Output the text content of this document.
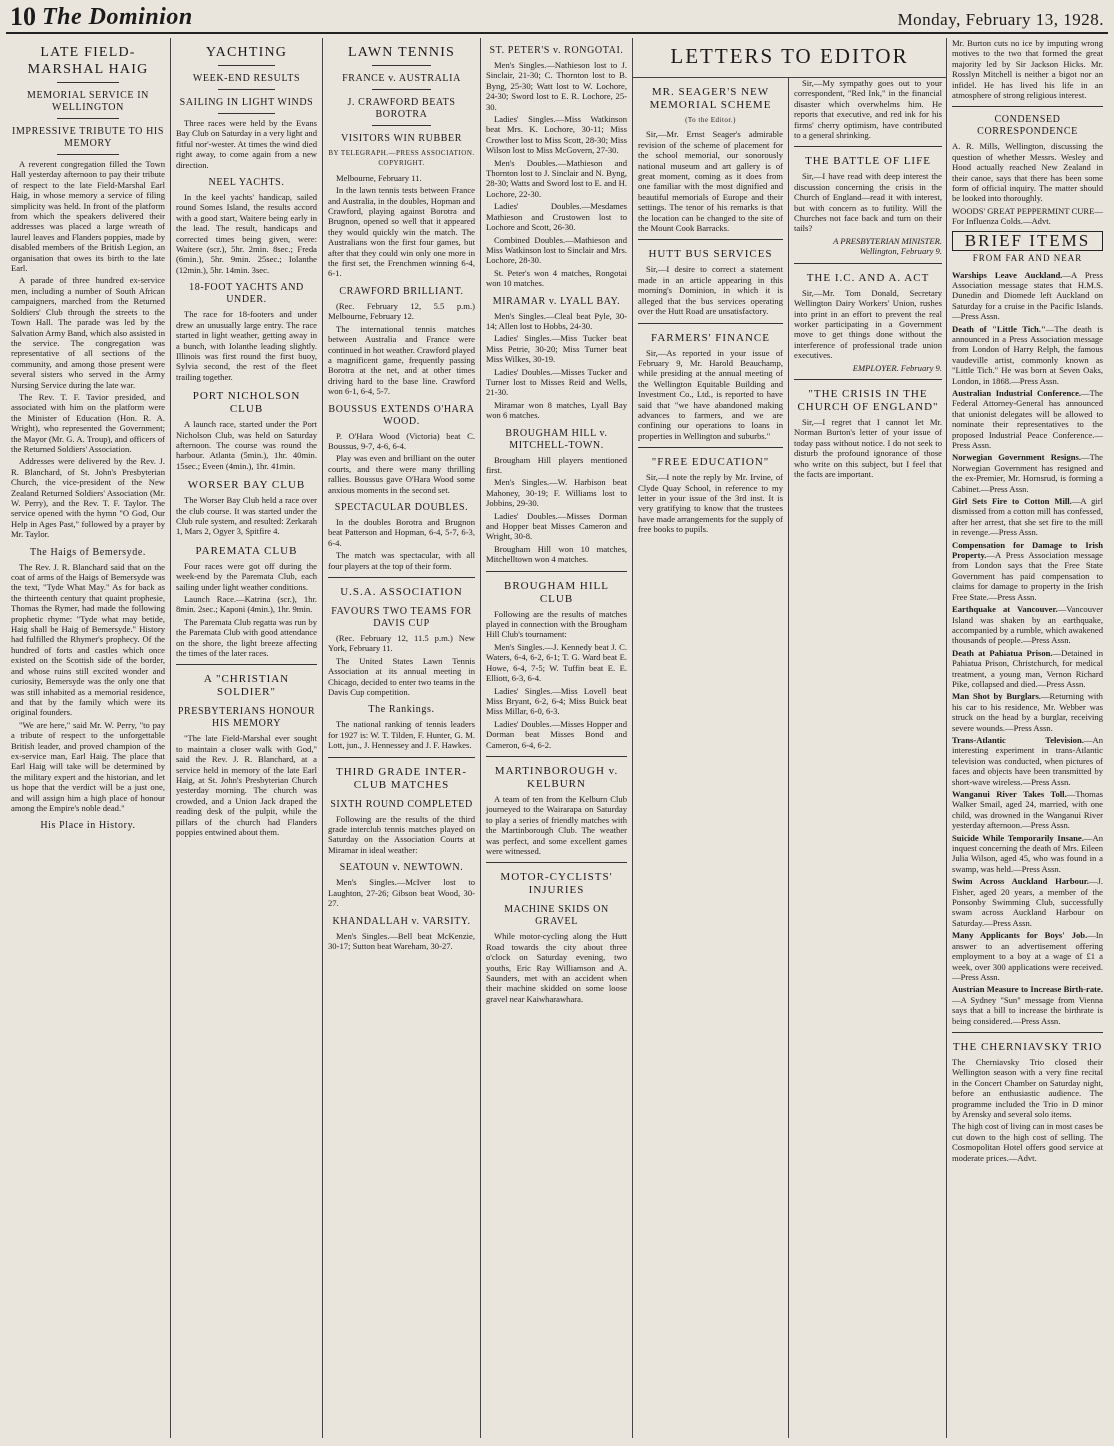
10 The Dominion	Monday, February 13, 1928.
LATE FIELD-MARSHAL HAIG
MEMORIAL SERVICE IN WELLINGTON
IMPRESSIVE TRIBUTE TO HIS MEMORY

A reverent congregation filled the Town Hall yesterday afternoon to pay their tribute of respect to the late Field-Marshal Earl Haig, in whose memory a service of filing simplicity was held. In front of the platform from which the speakers delivered their addresses was placed a large wreath of laurel leaves and Flanders poppies, made by disabled members of the British Legion, an organisation that owes its birth to the late Earl.

A parade of three hundred ex-service men, including a number of South African campaigners, marched from the Returned Soldiers' Club through the streets to the Town Hall. The parade was led by the Salvation Army Band, which also assisted in the service. The congregation was representative of all sections of the community, and among those present were several sisters who served in the Army Nursing Service during the late war.

The Rev. T. F. Tavior presided, and associated with him on the platform were the Minister of Education (Hon. R. A. Wright), who represented the Government; the Mayor (Mr. G. A. Troup), and officers of the Returned Soldiers' Association.

Addresses were delivered by the Rev. J. R. Blanchard, of St. John's Presbyterian Church, the vice-president of the New Zealand Returned Soldiers' Association (Mr. W. Perry), and the Rev. T. F. Taylor. The service opened with the hymn "O God, Our Help in Ages Past," followed by a prayer by Mr. Taylor.

The Haigs of Bemersyde.

The Rev. J. R. Blanchard said that on the coat of arms of the Haigs of Bemersyde was the text, "Tyde What May." As for back as the thirteenth century that quaint prophesie, Thomas the Rymer, had made the following prophetic rhyme: "Tyde what may betide, Haig shall be Haig of Bemersyde." History had fulfilled the Rhymer's prophecy. Of the hundred of forts and castles which once existed on the Scottish side of the border, and whose ruins still excited wonder and curiosity, Bemersyde was the only one that was still inhabited as a memorial residence, and that by the family which were its original founders.

"We are here," said Mr. W. Perry, "to pay a tribute of respect to the unforgettable British leader, and proved champion of the ex-service man, Earl Haig. The place that Earl Haig will take will be determined by the military expert and the historian, and let us hope that the verdict will be a just one, and will assign him a high place of honour among the Empire's noble dead."

His Place in History.
YACHTING
WEEK-END RESULTS
SAILING IN LIGHT WINDS

Three races were held by the Evans Bay Club on Saturday in a very light and fitful nor'-wester. At times the wind died right away, to come again from a new direction.

NEEL YACHTS.

In the keel yachts' handicap, sailed round Somes Island, the results accord with a good start, Waitere being early in the lead. The result, handicaps and corrected times being given, were: Waitere (scr.), 5hr. 2min. 8sec.; Freda (6min.), 5hr. 9min. 25sec.; Iolanthe (12min.), 5hr. 14min. 3sec.

18-FOOT YACHTS AND UNDER.

The race for 18-footers and under drew an unusually large entry. The race started in light weather, getting away in a bunch, with Iolanthe leading slightly. Illinois was first round the first buoy, Sylvia second, the rest of the fleet trailing together.

PORT NICHOLSON CLUB

A launch race, started under the Port Nicholson Club, was held on Saturday afternoon. The course was round the harbour. Atlanta (5min.), 1hr. 40min. 15sec.; Eveen (4min.), 1hr. 41min.

WORSER BAY CLUB

The Worser Bay Club held a race over the club course. It was started under the Club rule system, and resulted: Zerkarah 1, Mars 2, Ogyer 3, Spitfire 4.

PAREMATA CLUB

Four races were got off during the week-end by the Paremata Club, each sailing under light weather conditions.

Launch Race.—Katrina (scr.), 1hr. 8min. 2sec.; Kaponi (4min.), 1hr. 9min.

The Paremata Club regatta was run by the Paremata Club with good attendance on the shore, the light breeze affecting the times of the later races.

A "CHRISTIAN SOLDIER"
PRESBYTERIANS HONOUR HIS MEMORY

"The late Field-Marshal ever sought to maintain a closer walk with God," said the Rev. J. R. Blanchard, at a service held in memory of the late Earl Haig, at St. John's Presbyterian Church yesterday morning. The church was crowded, and a Union Jack draped the reading desk of the pulpit, while the pillars of the church had Flanders poppies entwined about them.

LAWN TENNIS
FRANCE v. AUSTRALIA
J. CRAWFORD BEATS BOROTRA
VISITORS WIN RUBBER
BY TELEGRAPH.—PRESS ASSOCIATION. COPYRIGHT.

Melbourne, February 11.

In the lawn tennis tests between France and Australia, in the doubles, Hopman and Crawford, playing against Borotra and Brugnon, opened so well that it appeared they would quickly win the match. The Australians won the first four games, but after that they could win only one more in the first set, the Frenchmen winning 6-4, 6-1.

CRAWFORD BRILLIANT.

(Rec. February 12, 5.5 p.m.) Melbourne, February 12.

The international tennis matches between Australia and France were continued in hot weather. Crawford played a magnificent game, frequently passing Borotra at the net, and at other times driving hard to the base line. Crawford won 6-1, 6-4, 5-7.

BOUSSUS EXTENDS O'HARA WOOD.

P. O'Hara Wood (Victoria) beat C. Boussus, 9-7, 4-6, 6-4.

Play was even and brilliant on the outer courts, and there were many thrilling rallies. Boussus gave O'Hara Wood some anxious moments in the second set.

SPECTACULAR DOUBLES.

In the doubles Borotra and Brugnon beat Patterson and Hopman, 6-4, 5-7, 6-3, 6-4.

The match was spectacular, with all four players at the top of their form.

U.S.A. ASSOCIATION
FAVOURS TWO TEAMS FOR DAVIS CUP

(Rec. February 12, 11.5 p.m.) New York, February 11.

The United States Lawn Tennis Association at its annual meeting in Chicago, decided to enter two teams in the Davis Cup competition.

The Rankings.

The national ranking of tennis leaders for 1927 is: W. T. Tilden, F. Hunter, G. M. Lott, jun., J. Hennessey and J. F. Hawkes.

THIRD GRADE INTER-CLUB MATCHES
SIXTH ROUND COMPLETED

Following are the results of the third grade interclub tennis matches played on Saturday on the Association Courts at Miramar in ideal weather:

SEATOUN v. NEWTOWN.

Men's Singles.—McIver lost to Laughton, 27-26; Gibson beat Wood, 30-27.

KHANDALLAH v. VARSITY.

Men's Singles.—Bell beat McKenzie, 30-17; Sutton beat Wareham, 30-27.

ST. PETER'S v. RONGOTAI.

Men's Singles.—Nathieson lost to J. Sinclair, 21-30; C. Thornton lost to B. Byng, 25-30; Watt lost to W. Lochore, 24-30; Sword lost to E. R. Lochore, 25-30.

Ladies' Singles.—Miss Watkinson beat Mrs. K. Lochore, 30-11; Miss Crowther lost to Miss Scott, 28-30; Miss Wilson lost to Miss McGovern, 27-30.

Men's Doubles.—Mathieson and Thornton lost to J. Sinclair and N. Byng, 28-30; Watts and Sword lost to E. and H. Lochore, 22-30.

Ladies' Doubles.—Mesdames Mathieson and Crustowen lost to Lochore and Scott, 26-30.

Combined Doubles.—Mathieson and Miss Watkinson lost to Sinclair and Mrs. Lochore, 28-30.

St. Peter's won 4 matches, Rongotai won 10 matches.

MIRAMAR v. LYALL BAY.

Men's Singles.—Cleal beat Pyle, 30-14; Allen lost to Hobbs, 24-30.

Ladies' Singles.—Miss Tucker beat Miss Petrie, 30-20; Miss Turner beat Miss Wilkes, 30-19.

Ladies' Doubles.—Misses Tucker and Turner lost to Misses Reid and Wells, 21-30.

Miramar won 8 matches, Lyall Bay won 6 matches.

BROUGHAM HILL v. MITCHELL-TOWN.

Brougham Hill players mentioned first.

Men's Singles.—W. Harbison beat Mahoney, 30-19; F. Williams lost to Jobbins, 29-30.

Ladies' Doubles.—Misses Dorman and Hopper beat Misses Cameron and Wright, 30-8.

Brougham Hill won 10 matches, Mitchelltown won 4 matches.

BROUGHAM HILL CLUB

Following are the results of matches played in connection with the Brougham Hill Club's tournament:

Men's Singles.—J. Kennedy beat J. C. Waters, 6-4, 6-2, 6-1; T. G. Ward beat E. Howe, 6-4, 7-5; W. Tuffin beat E. E. Elliott, 6-3, 6-4.

Ladies' Singles.—Miss Lovell beat Miss Bryant, 6-2, 6-4; Miss Buick beat Miss Millar, 6-0, 6-3.

Ladies' Doubles.—Misses Hopper and Dorman beat Misses Bond and Cameron, 6-4, 6-2.

MARTINBOROUGH v. KELBURN

A team of ten from the Kelburn Club journeyed to the Wairarapa on Saturday to play a series of friendly matches with the Martinborough Club. The weather was perfect, and some excellent games were witnessed.

MOTOR-CYCLISTS' INJURIES
MACHINE SKIDS ON GRAVEL

While motor-cycling along the Hutt Road towards the city about three o'clock on Saturday evening, two youths, Eric Ray Williamson and A. Saunders, met with an accident when their machine skidded on some loose gravel near Kaiwharawhara.

LETTERS TO EDITOR
MR. SEAGER'S NEW MEMORIAL SCHEME
(To the Editor.)

Sir,—Mr. Ernst Seager's admirable revision of the scheme of placement for the school memorial, our sonorously national museum and art gallery is of great moment, coming as it does from one familiar with the most dignified and beautiful memorials of Europe and their settings. The tenor of his remarks is that the location can be changed to the site of the Mount Cook Barracks.

HUTT BUS SERVICES

Sir,—I desire to correct a statement made in an article appearing in this morning's Dominion, in which it is alleged that the bus services operating over the Hutt Road are unsatisfactory.

FARMERS' FINANCE

Sir,—As reported in your issue of February 9, Mr. Harold Beauchamp, while presiding at the annual meeting of the Wellington Equitable Building and Investment Co., Ltd., is reported to have said that "we have abandoned making advances to farmers, and we are confining our operations to loans in properties in Wellington and suburbs."

"FREE EDUCATION"

Sir,—I note the reply by Mr. Irvine, of Clyde Quay School, in reference to my letter in your issue of the 3rd inst. It is very gratifying to know that the trustees have made arrangements for the supply of free books to pupils.

Sir,—My sympathy goes out to your correspondent, "Red Ink," in the financial disaster which overwhelms him. He reports that executive, and red ink for his firms' cherry optimism, have contributed to a general shrinking.

THE BATTLE OF LIFE

Sir,—I have read with deep interest the discussion concerning the crisis in the Church of England—read it with interest, but with concern as to futility. Will the Churches not face back and turn on their tails?

A PRESBYTERIAN MINISTER. Wellington, February 9.

THE I.C. AND A. ACT

Sir,—Mr. Tom Donald, Secretary Wellington Dairy Workers' Union, rushes into print in an effort to prevent the real worker participating in a Government move to get things done without the interference of professional trade union executives.

EMPLOYER. February 9.

"THE CRISIS IN THE CHURCH OF ENGLAND"

Sir,—I regret that I cannot let Mr. Norman Burton's letter of your issue of today pass without notice. I do not seek to disturb the profound ignorance of those who write on this subject, but I feel that the facts are important.

Mr. Burton cuts no ice by imputing wrong motives to the two that formed the great majority led by Sir Jackson Hicks. Mr. Rosslyn Mitchell is neither a bigot nor an infidel. He has lived his life in an atmosphere of strong religious interest.

CONDENSED CORRESPONDENCE

A. R. Mills, Wellington, discussing the question of whether Messrs. Wesley and Hood actually reached New Zealand in their canoe, says that there has been some form of official inquiry. The matter should be looked into thoroughly.

WOODS' GREAT PEPPERMINT CURE—For Influenza Colds.—Advt.

BRIEF ITEMS
FROM FAR AND NEAR

Warships Leave Auckland.—A Press Association message states that H.M.S. Dunedin and Diomede left Auckland on Saturday for a cruise in the Pacific Islands.—Press Assn.

Death of "Little Tich."—The death is announced in a Press Association message from London of Harry Relph, the famous vaudeville artist, commonly known as "Little Tich." He was born at Seven Oaks, London, in 1868.—Press Assn.

Australian Industrial Conference.—The Federal Attorney-General has announced that unionist delegates will be allowed to nominate their representatives to the proposed Industrial Peace Conference.—Press Assn.

Norwegian Government Resigns.—The Norwegian Government has resigned and the ex-Premier, Mr. Hornsrud, is forming a Cabinet.—Press Assn.

Girl Sets Fire to Cotton Mill.—A girl dismissed from a cotton mill has confessed, after her arrest, that she set fire to the mill in revenge.—Press Assn.

Compensation for Damage to Irish Property.—A Press Association message from London says that the Free State Government has paid compensation to claims for damage to property in the Irish Free State.—Press Assn.

Earthquake at Vancouver.—Vancouver Island was shaken by an earthquake, accompanied by a rumble, which awakened thousands of people.—Press Assn.

Death at Pahiatua Prison.—Detained in Pahiatua Prison, Christchurch, for medical treatment, a young man, Vernon Richard Pike, collapsed and died.—Press Assn.

Man Shot by Burglars.—Returning with his car to his residence, Mr. Webber was struck on the head by a burglar, receiving severe wounds.—Press Assn.

Trans-Atlantic Television.—An interesting experiment in trans-Atlantic television was conducted, when pictures of faces and objects have been transmitted by short-wave wireless.—Press Assn.

Wanganui River Takes Toll.—Thomas Walker Smail, aged 24, married, with one child, was drowned in the Wanganui River yesterday afternoon.—Press Assn.

Suicide While Temporarily Insane.—An inquest concerning the death of Mrs. Eileen Julia Wilson, aged 45, who was found in a swamp, was held.—Press Assn.

Swim Across Auckland Harbour.—J. Fisher, aged 20 years, a member of the Ponsonby Swimming Club, successfully swam across Auckland Harbour on Saturday.—Press Assn.

Many Applicants for Boys' Job.—In answer to an advertisement offering employment to a boy at a wage of £1 a week, over 300 applications were received.—Press Assn.

Austrian Measure to Increase Birth-rate.—A Sydney "Sun" message from Vienna says that a bill to increase the birthrate is being considered.—Press Assn.

THE CHERNIAVSKY TRIO

The Cherniavsky Trio closed their Wellington season with a very fine recital in the Concert Chamber on Saturday night, before an enthusiastic audience. The programme included the Trio in D minor by Arensky and several solo items.

The high cost of living can in most cases be cut down to the high cost of selling. The Cosmopolitan Hotel offers good service at moderate prices.—Advt.
